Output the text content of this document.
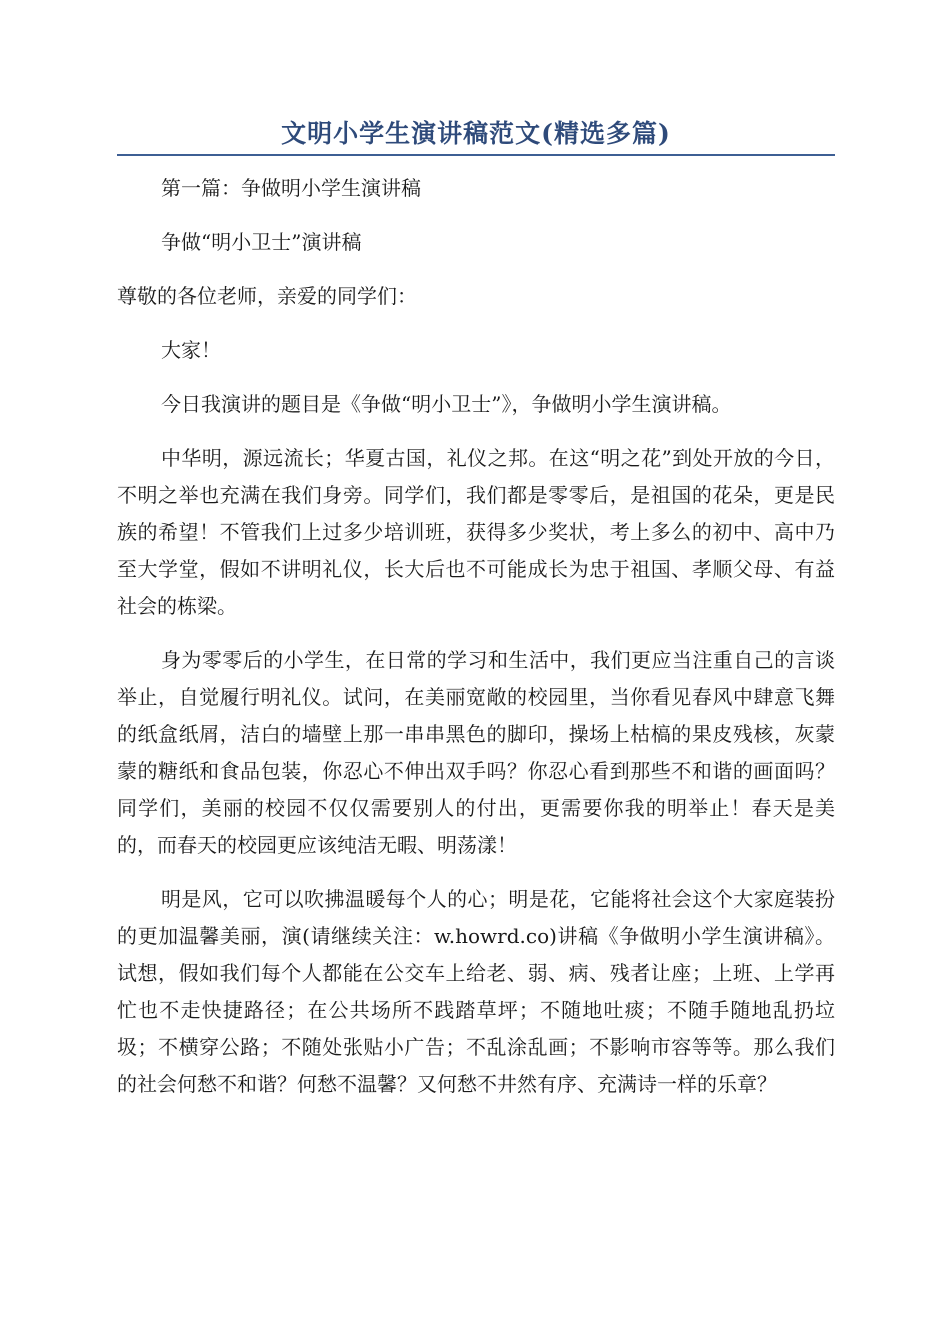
文明小学生演讲稿范文(精选多篇)

第一篇：争做明小学生演讲稿

争做“明小卫士”演讲稿

尊敬的各位老师，亲爱的同学们：

大家！

今日我演讲的题目是《争做“明小卫士”》，争做明小学生演讲稿。

中华明，源远流长；华夏古国，礼仪之邦。在这“明之花”到处开放的今日，不明之举也充满在我们身旁。同学们，我们都是零零后，是祖国的花朵，更是民族的希望！不管我们上过多少培训班，获得多少奖状，考上多么的初中、高中乃至大学堂，假如不讲明礼仪，长大后也不可能成长为忠于祖国、孝顺父母、有益社会的栋梁。

身为零零后的小学生，在日常的学习和生活中，我们更应当注重自己的言谈举止，自觉履行明礼仪。试问，在美丽宽敞的校园里，当你看见春风中肆意飞舞的纸盒纸屑，洁白的墙壁上那一串串黑色的脚印，操场上枯槁的果皮残核，灰蒙蒙的糖纸和食品包装，你忍心不伸出双手吗？你忍心看到那些不和谐的画面吗？同学们，美丽的校园不仅仅需要别人的付出，更需要你我的明举止！春天是美的，而春天的校园更应该纯洁无暇、明荡漾！

明是风，它可以吹拂温暖每个人的心；明是花，它能将社会这个大家庭装扮的更加温馨美丽，演(请继续关注：w.howrd.co)讲稿《争做明小学生演讲稿》。试想，假如我们每个人都能在公交车上给老、弱、病、残者让座；上班、上学再忙也不走快捷路径；在公共场所不践踏草坪；不随地吐痰；不随手随地乱扔垃圾；不横穿公路；不随处张贴小广告；不乱涂乱画；不影响市容等等。那么我们的社会何愁不和谐？何愁不温馨？又何愁不井然有序、充满诗一样的乐章？
